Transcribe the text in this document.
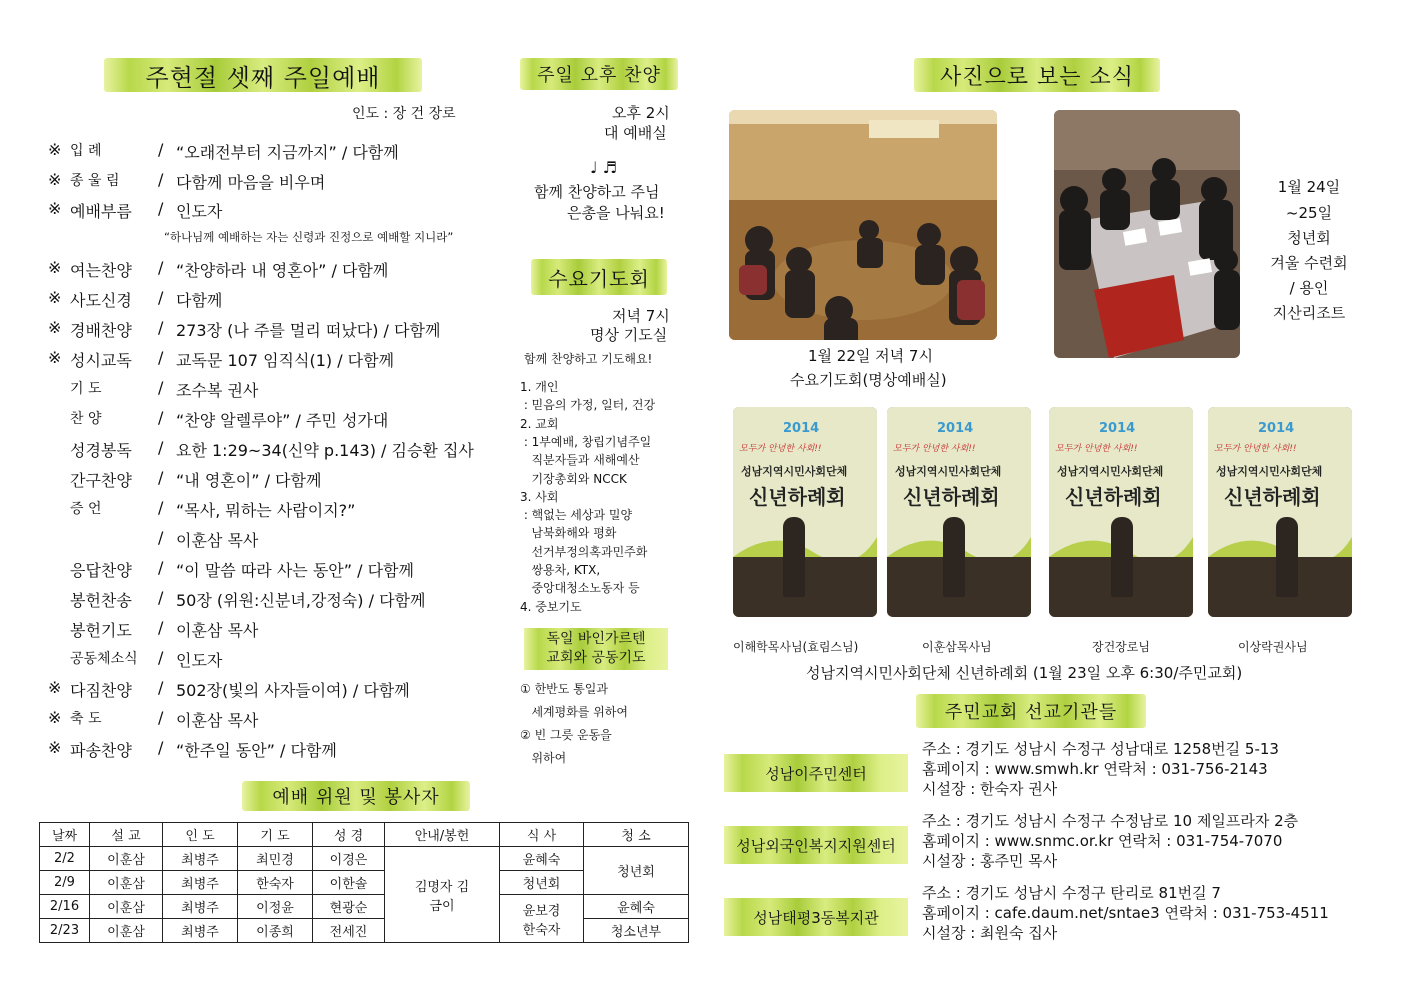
주현절 셋째 주일예배
인도 : 장 건 장로
※ 입 례	/ “오래전부터 지금까지” / 다함께
※ 종 울 림	/ 다함께 마음을 비우며
※ 예배부름	/ 인도자
※ 여는찬양	/ “찬양하라 내 영혼아” / 다함께
※ 사도신경	/ 다함께
※ 경배찬양	/ 273장 (나 주를 멀리 떠났다) / 다함께
※ 성시교독	/ 교독문 107 임직식(1) / 다함께
기 도	/ 조수복 권사
찬 양	/ “찬양 알렐루야” / 주민 성가대
성경봉독	/ 요한 1:29~34(신약 p.143) / 김승환 집사
간구찬양	/ “내 영혼이” / 다함께
증 언	/ “목사, 뭐하는 사람이지?”
/ 이훈삼 목사
응답찬양	/ “이 말씀 따라 사는 동안” / 다함께
봉헌찬송	/ 50장 (위원:신분녀,강정숙) / 다함께
봉헌기도	/ 이훈삼 목사
공동체소식	/ 인도자
※ 다짐찬양	/ 502장(빛의 사자들이여) / 다함께
※ 축 도	/ 이훈삼 목사
※ 파송찬양	/ “한주일 동안” / 다함께
“하나님께 예배하는 자는 신령과 진정으로 예배할 지니라”
예배 위원 및 봉사자
날짜	설 교	인 도	기 도	성 경	안내/봉헌	식 사	청 소
2/2	이훈삼	최병주	최민경	이경은	김명자 김금이	윤혜숙	청년회
2/9	이훈삼	최병주	한숙자	이한솔		청년회	
2/16	이훈삼	최병주	이정윤	현광순		윤보경 한숙자	윤혜숙
2/23	이훈삼	최병주	이종희	전세진			청소년부
주일 오후 찬양
오후 2시
대 예배실
♩ ♬
함께 찬양하고 주님
은총을 나눠요!
수요기도회
저녁 7시
명상 기도실
함께 찬양하고 기도해요!
1. 개인
: 믿음의 가정, 일터, 건강
2. 교회
: 1부예배, 창립기념주일
직분자들과 새해예산
기장총회와 NCCK
3. 사회
: 핵없는 세상과 밀양
남북화해와 평화
선거부정의혹과민주화
쌍용차, KTX,
중앙대청소노동자 등
4. 중보기도
독일 바인가르텐
교회와 공동기도
① 한반도 통일과
세계평화를 위하여
② 빈 그릇 운동을
위하여
사진으로 보는 소식
1월 22일 저녁 7시
수요기도회(명상예배실)
1월 24일
~25일
청년회
겨울 수련회
/ 용인
지산리조트
2014
모두가 안녕한 사회!!
성남지역시민사회단체
신년하례회
2014
모두가 안녕한 사회!!
성남지역시민사회단체
신년하례회
2014
모두가 안녕한 사회!!
성남지역시민사회단체
신년하례회
2014
모두가 안녕한 사회!!
성남지역시민사회단체
신년하례회
이해학목사님(효림스님)	이훈삼목사님	장건장로님	이상락권사님
성남지역시민사회단체 신년하례회 (1월 23일 오후 6:30/주민교회)
주민교회 선교기관들
성남이주민센터
주소 : 경기도 성남시 수정구 성남대로 1258번길 5-13
홈페이지 : www.smwh.kr 연락처 : 031-756-2143
시설장 : 한숙자 권사
성남외국인복지지원센터
주소 : 경기도 성남시 수정구 수정남로 10 제일프라자 2층
홈페이지 : www.snmc.or.kr 연락처 : 031-754-7070
시설장 : 홍주민 목사
성남태평3동복지관
주소 : 경기도 성남시 수정구 탄리로 81번길 7
홈페이지 : cafe.daum.net/sntae3 연락처 : 031-753-4511
시설장 : 최원숙 집사
